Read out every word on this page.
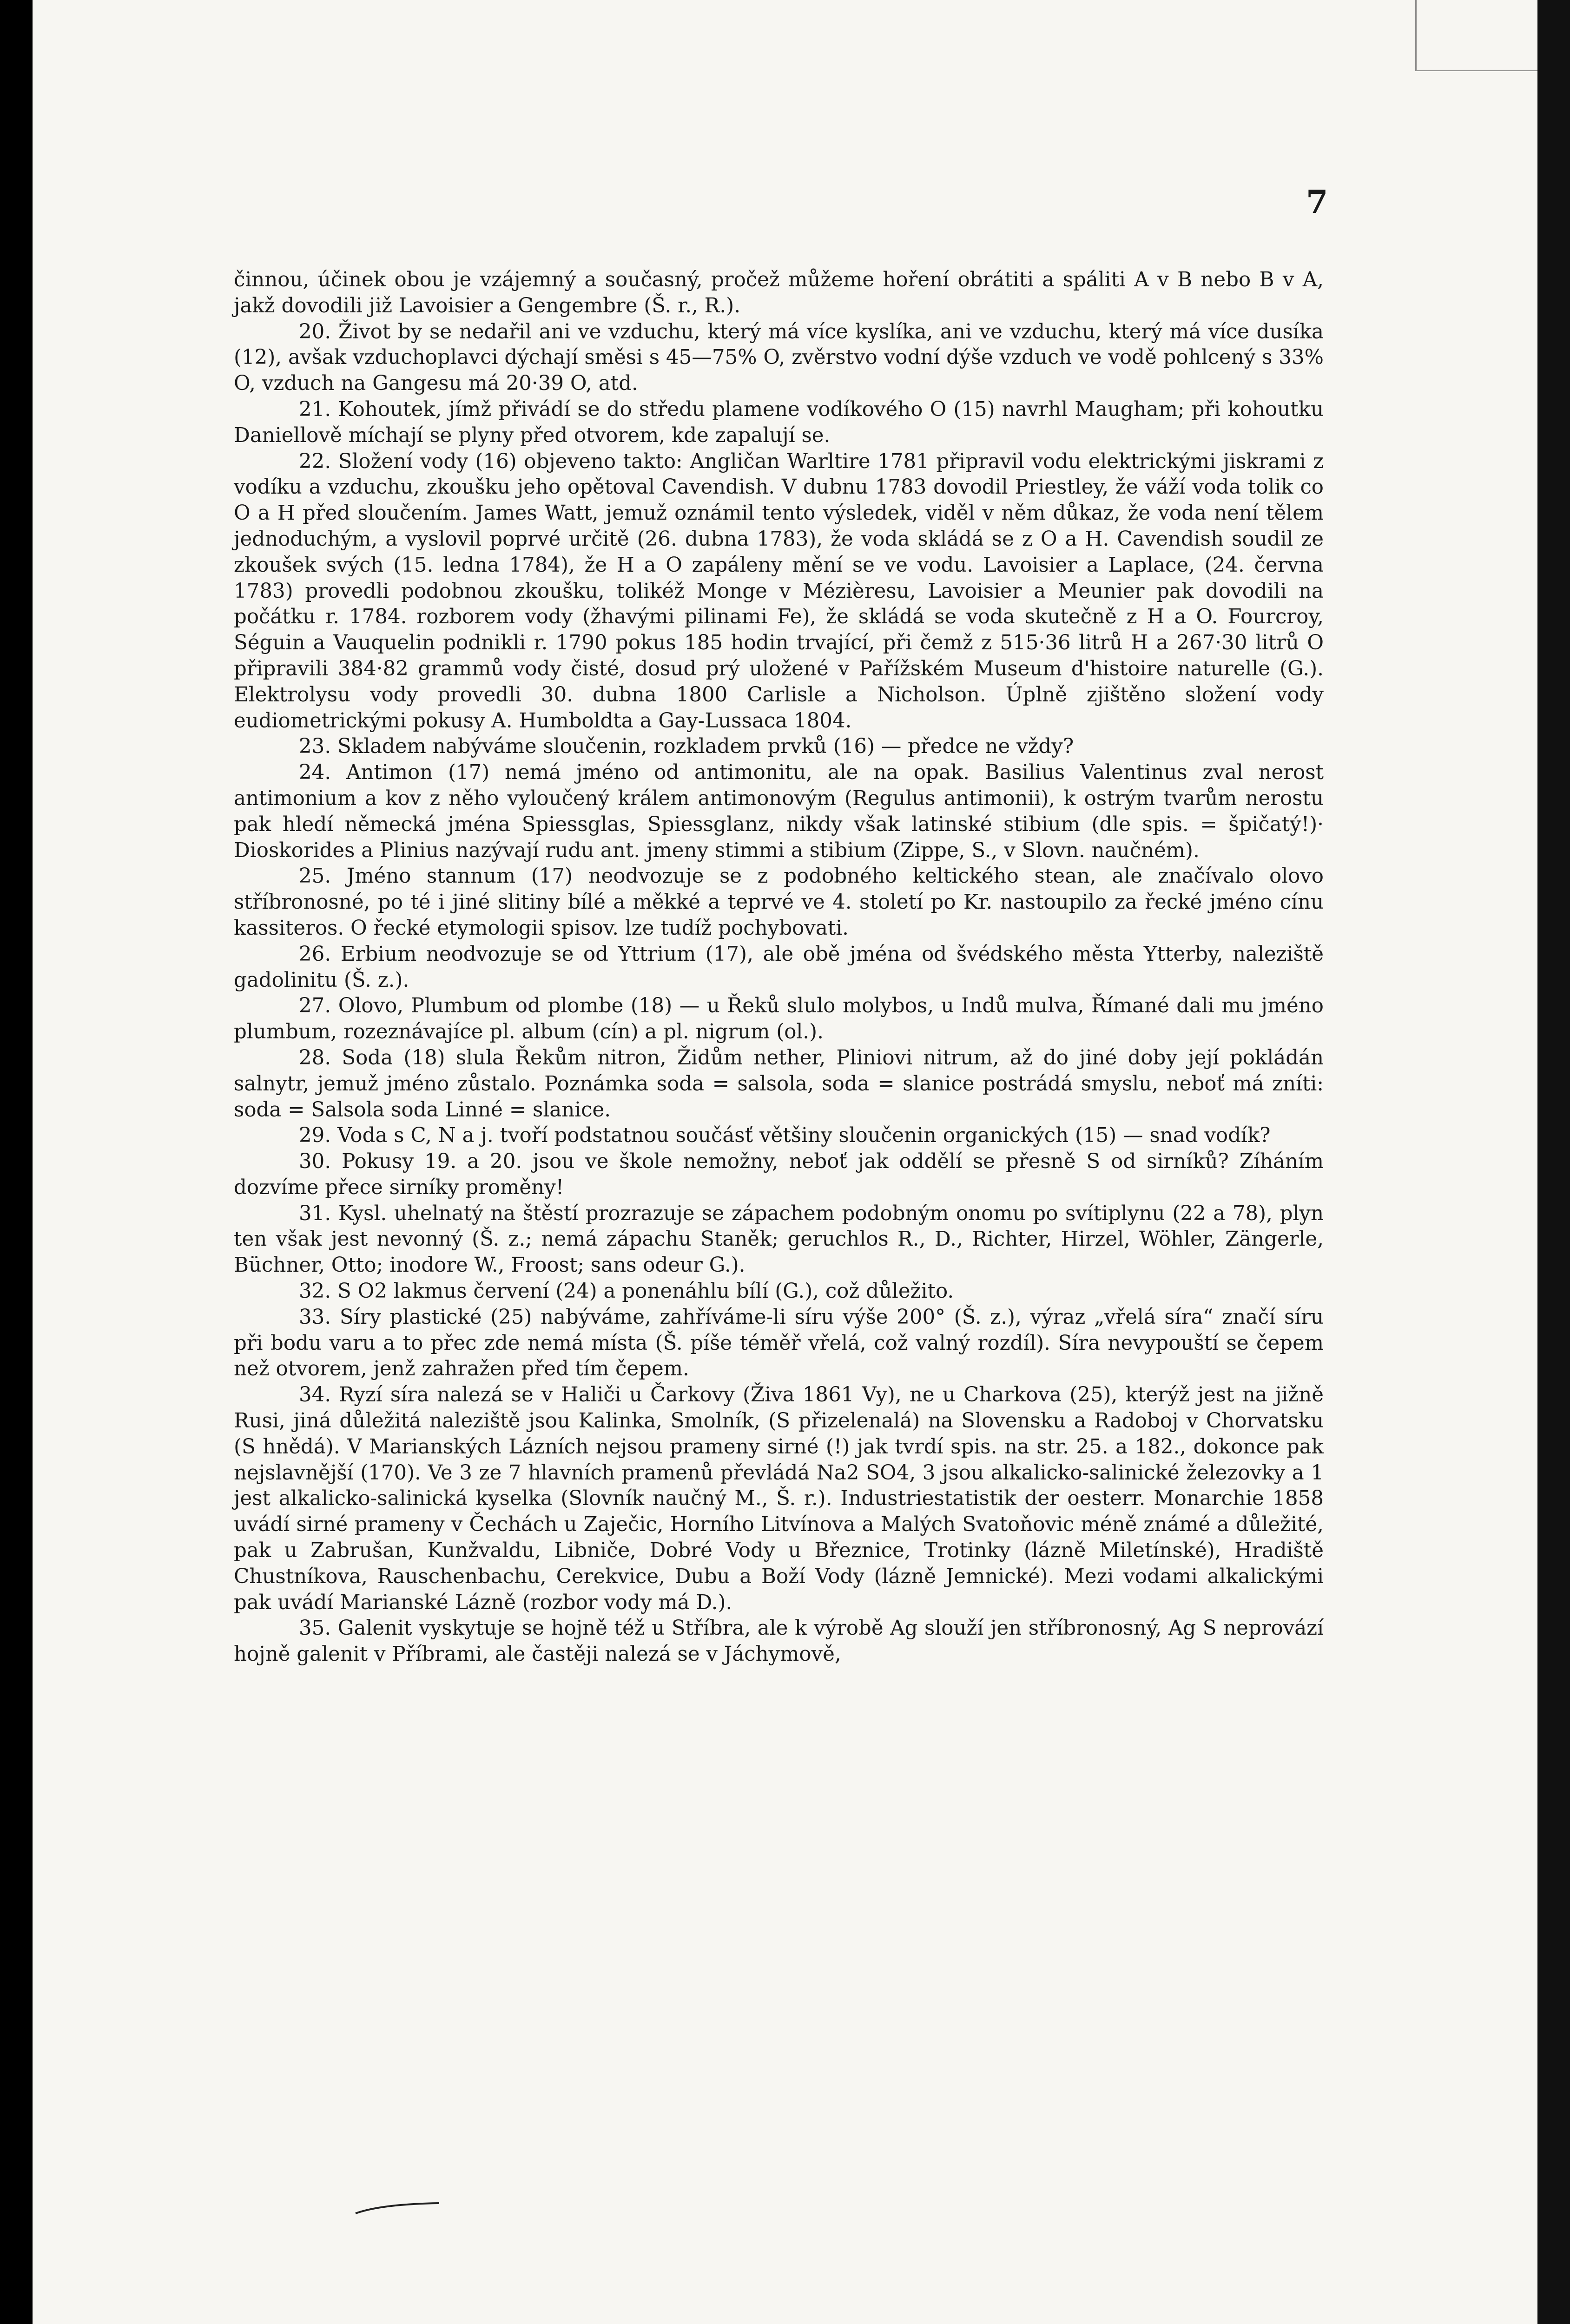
7

činnou, účinek obou je vzájemný a současný, pročež můžeme hoření obrátiti a spáliti A v B nebo B v A, jakž dovodili již Lavoisier a Gengembre (Š. r., R.).

20. Život by se nedařil ani ve vzduchu, který má více kyslíka, ani ve vzduchu, který má více dusíka (12), avšak vzduchoplavci dýchají směsi s 45—75% O, zvěrstvo vodní dýše vzduch ve vodě pohlcený s 33% O, vzduch na Gangesu má 20·39 O, atd.

21. Kohoutek, jímž přivádí se do středu plamene vodíkového O (15) navrhl Maugham; při kohoutku Daniellově míchají se plyny před otvorem, kde zapalují se.

22. Složení vody (16) objeveno takto: Angličan Warltire 1781 připravil vodu elektrickými jiskrami z vodíku a vzduchu, zkoušku jeho opětoval Cavendish. V dubnu 1783 dovodil Priestley, že váží voda tolik co O a H před sloučením. James Watt, jemuž oznámil tento výsledek, viděl v něm důkaz, že voda není tělem jednoduchým, a vyslovil poprvé určitě (26. dubna 1783), že voda skládá se z O a H. Cavendish soudil ze zkoušek svých (15. ledna 1784), že H a O zapáleny mění se ve vodu. Lavoisier a Laplace, (24. června 1783) provedli podobnou zkoušku, tolikéž Monge v Mézièresu, Lavoisier a Meunier pak dovodili na počátku r. 1784. rozborem vody (žhavými pilinami Fe), že skládá se voda skutečně z H a O. Fourcroy, Séguin a Vauquelin podnikli r. 1790 pokus 185 hodin trvající, při čemž z 515·36 litrů H a 267·30 litrů O připravili 384·82 grammů vody čisté, dosud prý uložené v Pařížském Museum d'histoire naturelle (G.). Elektrolysu vody provedli 30. dubna 1800 Carlisle a Nicholson. Úplně zjištěno složení vody eudiometrickými pokusy A. Humboldta a Gay-Lussaca 1804.

23. Skladem nabýváme sloučenin, rozkladem prvků (16) — předce ne vždy?

24. Antimon (17) nemá jméno od antimonitu, ale na opak. Basilius Valentinus zval nerost antimonium a kov z něho vyloučený králem antimonovým (Regulus antimonii), k ostrým tvarům nerostu pak hledí německá jména Spiessglas, Spiessglanz, nikdy však latinské stibium (dle spis. = špičatý!)· Dioskorides a Plinius nazývají rudu ant. jmeny stimmi a stibium (Zippe, S., v Slovn. naučném).

25. Jméno stannum (17) neodvozuje se z podobného keltického stean, ale značívalo olovo stříbronosné, po té i jiné slitiny bílé a měkké a teprvé ve 4. století po Kr. nastoupilo za řecké jméno cínu kassiteros. O řecké etymologii spisov. lze tudíž pochybovati.

26. Erbium neodvozuje se od Yttrium (17), ale obě jména od švédského města Ytterby, naleziště gadolinitu (Š. z.).

27. Olovo, Plumbum od plombe (18) — u Řeků slulo molybos, u Indů mulva, Římané dali mu jméno plumbum, rozeznávajíce pl. album (cín) a pl. nigrum (ol.).

28. Soda (18) slula Řekům nitron, Židům nether, Pliniovi nitrum, až do jiné doby její pokládán salnytr, jemuž jméno zůstalo. Poznámka soda = salsola, soda = slanice postrádá smyslu, neboť má zníti: soda = Salsola soda Linné = slanice.

29. Voda s C, N a j. tvoří podstatnou součásť většiny sloučenin organických (15) — snad vodík?

30. Pokusy 19. a 20. jsou ve škole nemožny, neboť jak oddělí se přesně S od sirníků? Zíháním dozvíme přece sirníky proměny!

31. Kysl. uhelnatý na štěstí prozrazuje se zápachem podobným onomu po svítiplynu (22 a 78), plyn ten však jest nevonný (Š. z.; nemá zápachu Staněk; geruchlos R., D., Richter, Hirzel, Wöhler, Zängerle, Büchner, Otto; inodore W., Froost; sans odeur G.).

32. S O2 lakmus červení (24) a ponenáhlu bílí (G.), což důležito.

33. Síry plastické (25) nabýváme, zahříváme-li síru výše 200° (Š. z.), výraz „vřelá síra“ značí síru při bodu varu a to přec zde nemá místa (Š. píše téměř vřelá, což valný rozdíl). Síra nevypouští se čepem než otvorem, jenž zahražen před tím čepem.

34. Ryzí síra nalezá se v Haliči u Čarkovy (Živa 1861 Vy), ne u Charkova (25), kterýž jest na jižně Rusi, jiná důležitá naleziště jsou Kalinka, Smolník, (S přizelenalá) na Slovensku a Radoboj v Chorvatsku (S hnědá). V Marianských Lázních nejsou prameny sirné (!) jak tvrdí spis. na str. 25. a 182., dokonce pak nejslavnější (170). Ve 3 ze 7 hlavních pramenů převládá Na2 SO4, 3 jsou alkalicko-salinické železovky a 1 jest alkalicko-salinická kyselka (Slovník naučný M., Š. r.). Industriestatistik der oesterr. Monarchie 1858 uvádí sirné prameny v Čechách u Zaječic, Horního Litvínova a Malých Svatoňovic méně známé a důležité, pak u Zabrušan, Kunžvaldu, Libniče, Dobré Vody u Březnice, Trotinky (lázně Miletínské), Hradiště Chustníkova, Rauschenbachu, Cerekvice, Dubu a Boží Vody (lázně Jemnické). Mezi vodami alkalickými pak uvádí Marianské Lázně (rozbor vody má D.).

35. Galenit vyskytuje se hojně též u Stříbra, ale k výrobě Ag slouží jen stříbronosný, Ag S neprovází hojně galenit v Příbrami, ale častěji nalezá se v Jáchymově,
